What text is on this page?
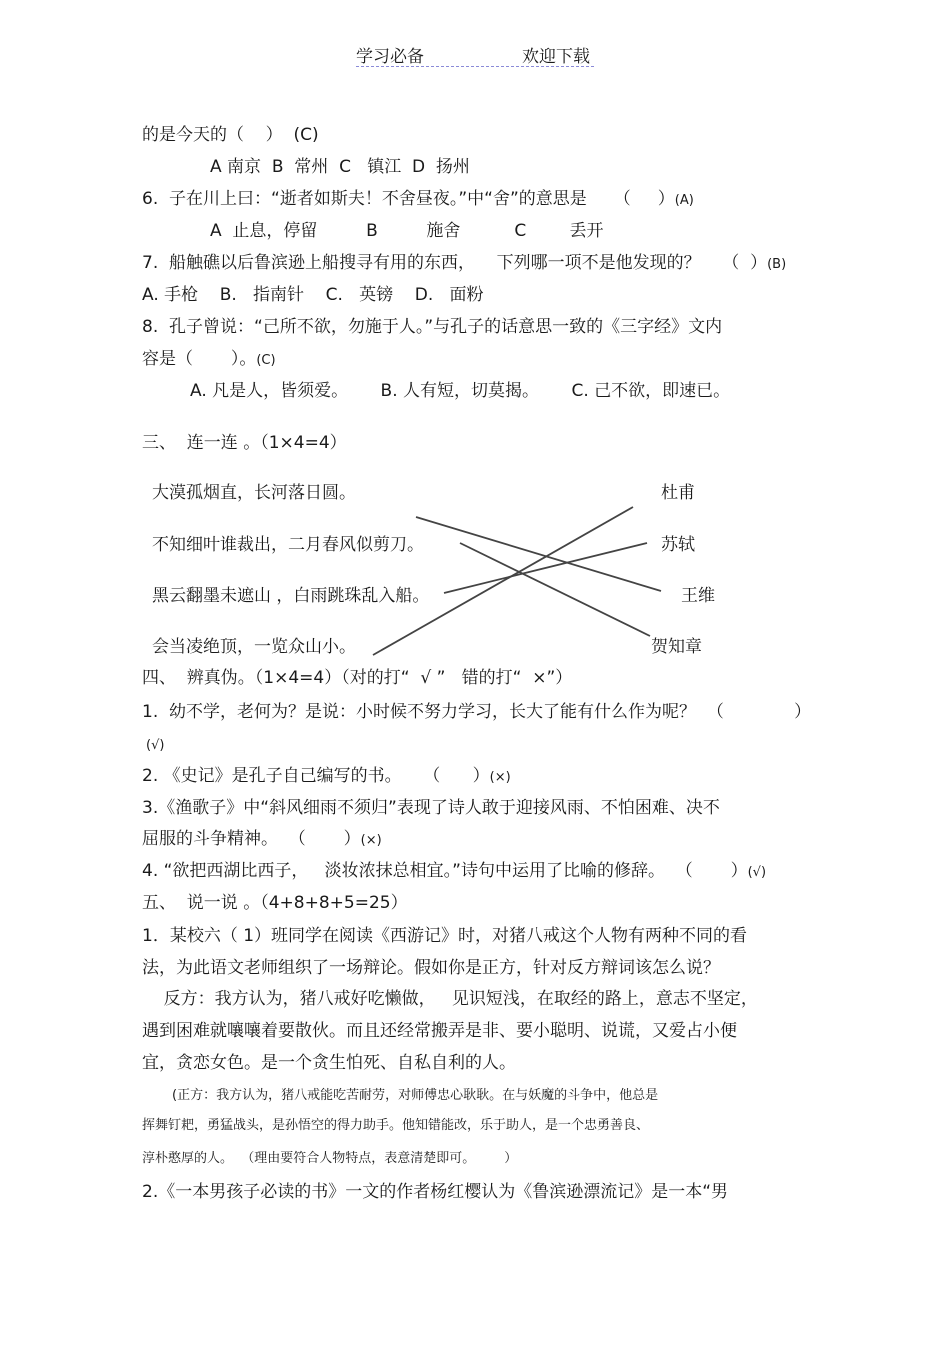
学习必备	欢迎下载
的是今天的（    ） (C)
A 南京  B  常州  C   镇江  D  扬州
6.  子在川上曰：“逝者如斯夫！不舍昼夜。”中“舍”的意思是     （     ）(A)
A  止息，停留         B         施舍          C        丢开
7.  船触礁以后鲁滨逊上船搜寻有用的东西，    下列哪一项不是他发现的？    （  ）(B)
A. 手枪    B.   指南针    C.   英镑    D.   面粉
8.  孔子曾说：“己所不欲，勿施于人。”与孔子的话意思一致的《三字经》文内
容是（       ）。(C)
A. 凡是人，皆须爱。      B. 人有短，切莫揭。      C. 己不欲，即速已。
三、  连一连 。（1×4=4）
大漠孤烟直，长河落日圆。
不知细叶谁裁出，二月春风似剪刀。
黑云翻墨未遮山 ，白雨跳珠乱入船。
会当凌绝顶，一览众山小。
杜甫
苏轼
王维
贺知章
四、  辨真伪。（1×4=4）（对的打“  √ ”   错的打“  ×”）
1.  幼不学，老何为？是说：小时候不努力学习，长大了能有什么作为呢？  （             ）
(√)
2. 《史记》是孔子自己编写的书。    （      ）(×)
3.《渔歌子》中“斜风细雨不须归”表现了诗人敢于迎接风雨、不怕困难、决不
屈服的斗争精神。  （       ）(×)
4. “欲把西湖比西子，   淡妆浓抹总相宜。”诗句中运用了比喻的修辞。  （       ）(√)
五、  说一说 。（4+8+8+5=25）
1．某校六（ 1）班同学在阅读《西游记》时，对猪八戒这个人物有两种不同的看
法，为此语文老师组织了一场辩论。假如你是正方，针对反方辩词该怎么说？
反方：我方认为，猪八戒好吃懒做，   见识短浅，在取经的路上，意志不坚定，
遇到困难就嚷嚷着要散伙。而且还经常搬弄是非、要小聪明、说谎，又爱占小便
宜，贪恋女色。是一个贪生怕死、自私自利的人。
(正方：我方认为，猪八戒能吃苦耐劳，对师傅忠心耿耿。在与妖魔的斗争中，他总是
挥舞钉耙，勇猛战头，是孙悟空的得力助手。他知错能改，乐于助人，是一个忠勇善良、
淳朴憨厚的人。  （理由要符合人物特点，表意清楚即可。       ）
2.《一本男孩子必读的书》一文的作者杨红樱认为《鲁滨逊漂流记》是一本“男
